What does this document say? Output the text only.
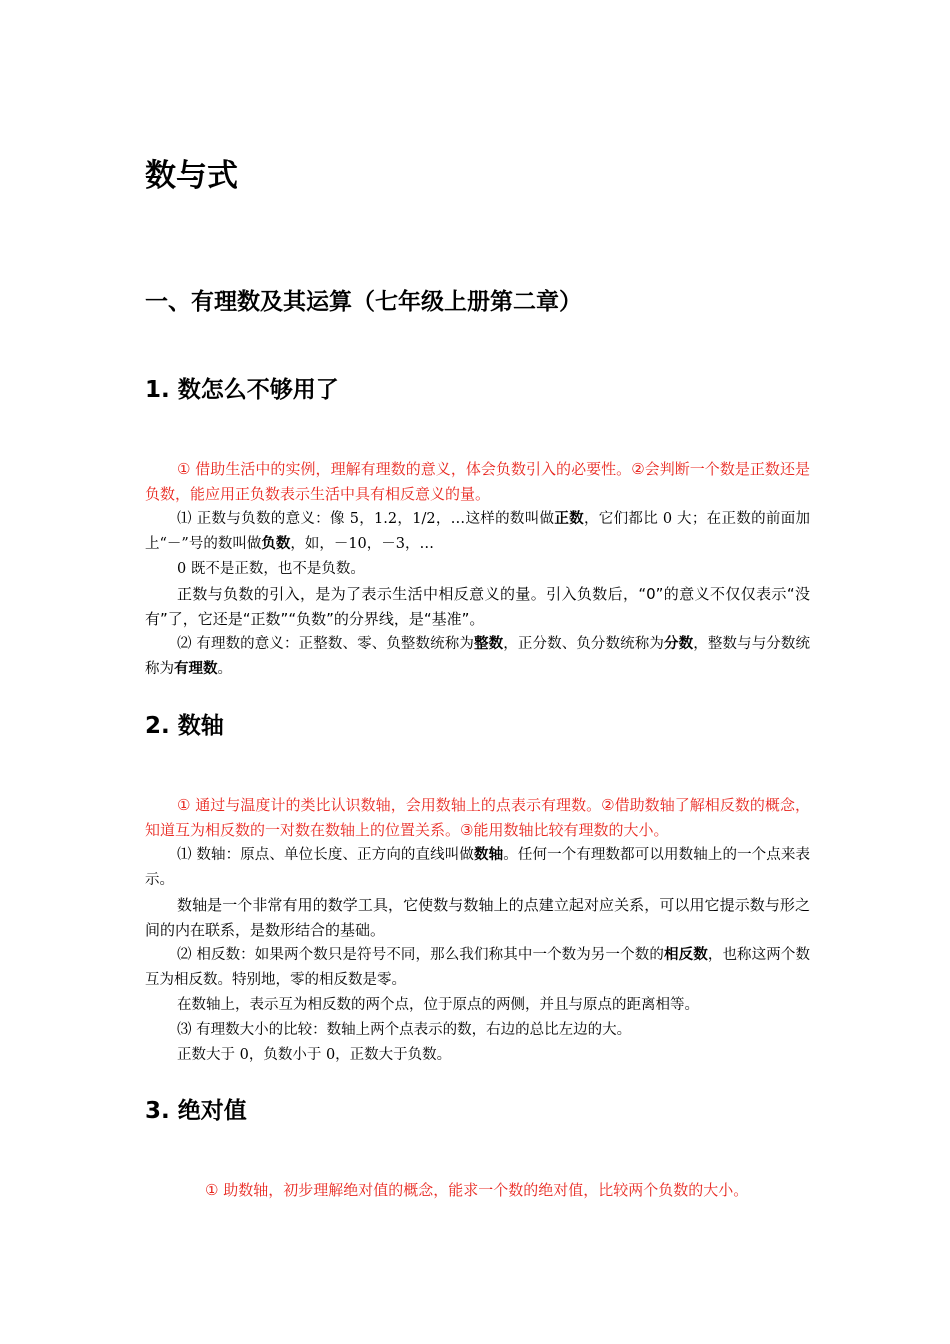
数与式
一、有理数及其运算（七年级上册第二章）
1. 数怎么不够用了

① 借助生活中的实例，理解有理数的意义，体会负数引入的必要性。②会判断一个数是正数还是负数，能应用正负数表示生活中具有相反意义的量。

⑴ 正数与负数的意义：像 5，1.2，1/2，…这样的数叫做正数，它们都比 0 大；在正数的前面加上“－”号的数叫做负数，如，－10，－3，…

0 既不是正数，也不是负数。

正数与负数的引入，是为了表示生活中相反意义的量。引入负数后，“0”的意义不仅仅表示“没有”了，它还是“正数”“负数”的分界线，是“基准”。

⑵ 有理数的意义：正整数、零、负整数统称为整数，正分数、负分数统称为分数，整数与与分数统称为有理数。

2. 数轴

① 通过与温度计的类比认识数轴，会用数轴上的点表示有理数。②借助数轴了解相反数的概念，知道互为相反数的一对数在数轴上的位置关系。③能用数轴比较有理数的大小。

⑴ 数轴：原点、单位长度、正方向的直线叫做数轴。任何一个有理数都可以用数轴上的一个点来表示。

数轴是一个非常有用的数学工具，它使数与数轴上的点建立起对应关系，可以用它提示数与形之间的内在联系，是数形结合的基础。

⑵ 相反数：如果两个数只是符号不同，那么我们称其中一个数为另一个数的相反数，也称这两个数互为相反数。特别地，零的相反数是零。

在数轴上，表示互为相反数的两个点，位于原点的两侧，并且与原点的距离相等。

⑶ 有理数大小的比较：数轴上两个点表示的数，右边的总比左边的大。

正数大于 0，负数小于 0，正数大于负数。

3. 绝对值

① 助数轴，初步理解绝对值的概念，能求一个数的绝对值，比较两个负数的大小。
